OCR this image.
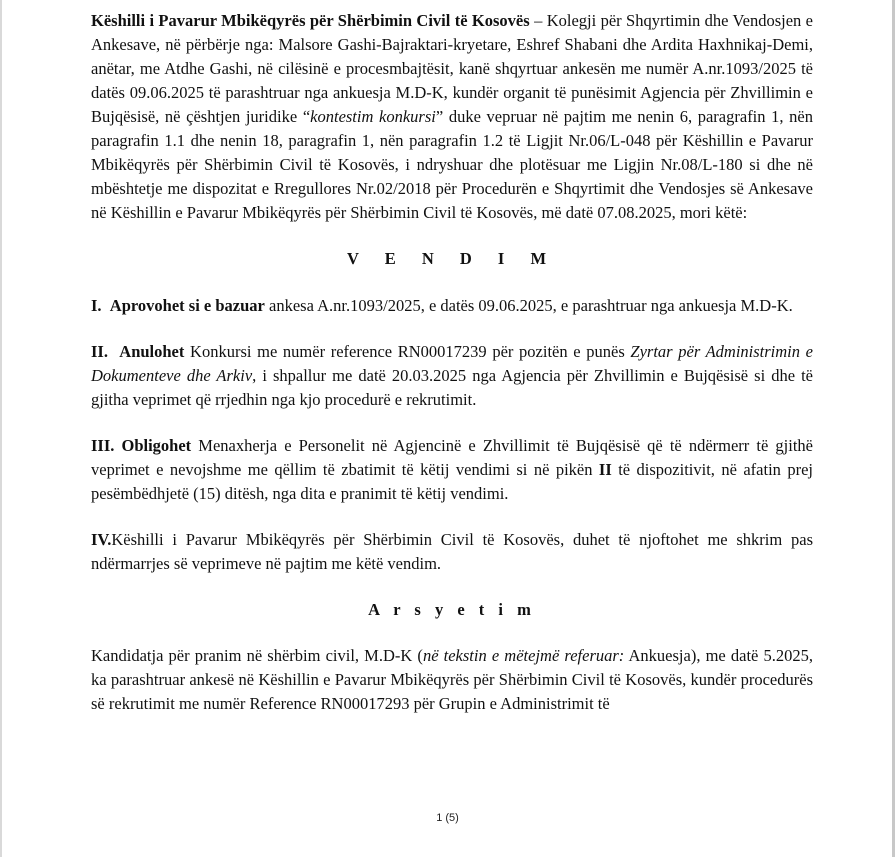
Këshilli i Pavarur Mbikëqyrës për Shërbimin Civil të Kosovës – Kolegji për Shqyrtimin dhe Vendosjen e Ankesave, në përbërje nga: Malsore Gashi-Bajraktari-kryetare, Eshref Shabani dhe Ardita Haxhnikaj-Demi, anëtar, me Atdhe Gashi, në cilësinë e procesmbajtësit, kanë shqyrtuar ankesën me numër A.nr.1093/2025 të datës 09.06.2025 të parashtruar nga ankuesja M.D-K, kundër organit të punësimit Agjencia për Zhvillimin e Bujqësisë, në çështjen juridike “kontestim konkursi” duke vepruar në pajtim me nenin 6, paragrafin 1, nën paragrafin 1.1 dhe nenin 18, paragrafin 1, nën paragrafin 1.2 të Ligjit Nr.06/L-048 për Këshillin e Pavarur Mbikëqyrës për Shërbimin Civil të Kosovës, i ndryshuar dhe plotësuar me Ligjin Nr.08/L-180 si dhe në mbështetje me dispozitat e Rregullores Nr.02/2018 për Procedurën e Shqyrtimit dhe Vendosjes së Ankesave në Këshillin e Pavarur Mbikëqyrës për Shërbimin Civil të Kosovës, më datë 07.08.2025, mori këtë:

V E N D I M

I. Aprovohet si e bazuar ankesa A.nr.1093/2025, e datës 09.06.2025, e parashtruar nga ankuesja M.D-K.

II. Anulohet Konkursi me numër reference RN00017239 për pozitën e punës Zyrtar për Administrimin e Dokumenteve dhe Arkiv, i shpallur me datë 20.03.2025 nga Agjencia për Zhvillimin e Bujqësisë si dhe të gjitha veprimet që rrjedhin nga kjo procedurë e rekrutimit.

III. Obligohet Menaxherja e Personelit në Agjencinë e Zhvillimit të Bujqësisë që të ndërmerr të gjithë veprimet e nevojshme me qëllim të zbatimit të këtij vendimi si në pikën II të dispozitivit, në afatin prej pesëmbëdhjetë (15) ditësh, nga dita e pranimit të këtij vendimi.

IV.Këshilli i Pavarur Mbikëqyrës për Shërbimin Civil të Kosovës, duhet të njoftohet me shkrim pas ndërmarrjes së veprimeve në pajtim me këtë vendim.

A r s y e t i m

Kandidatja për pranim në shërbim civil, M.D-K (në tekstin e mëtejmë referuar: Ankuesja), me datë 5.2025, ka parashtruar ankesë në Këshillin e Pavarur Mbikëqyrës për Shërbimin Civil të Kosovës, kundër procedurës së rekrutimit me numër Reference RN00017293 për Grupin e Administrimit të

1 (5)
